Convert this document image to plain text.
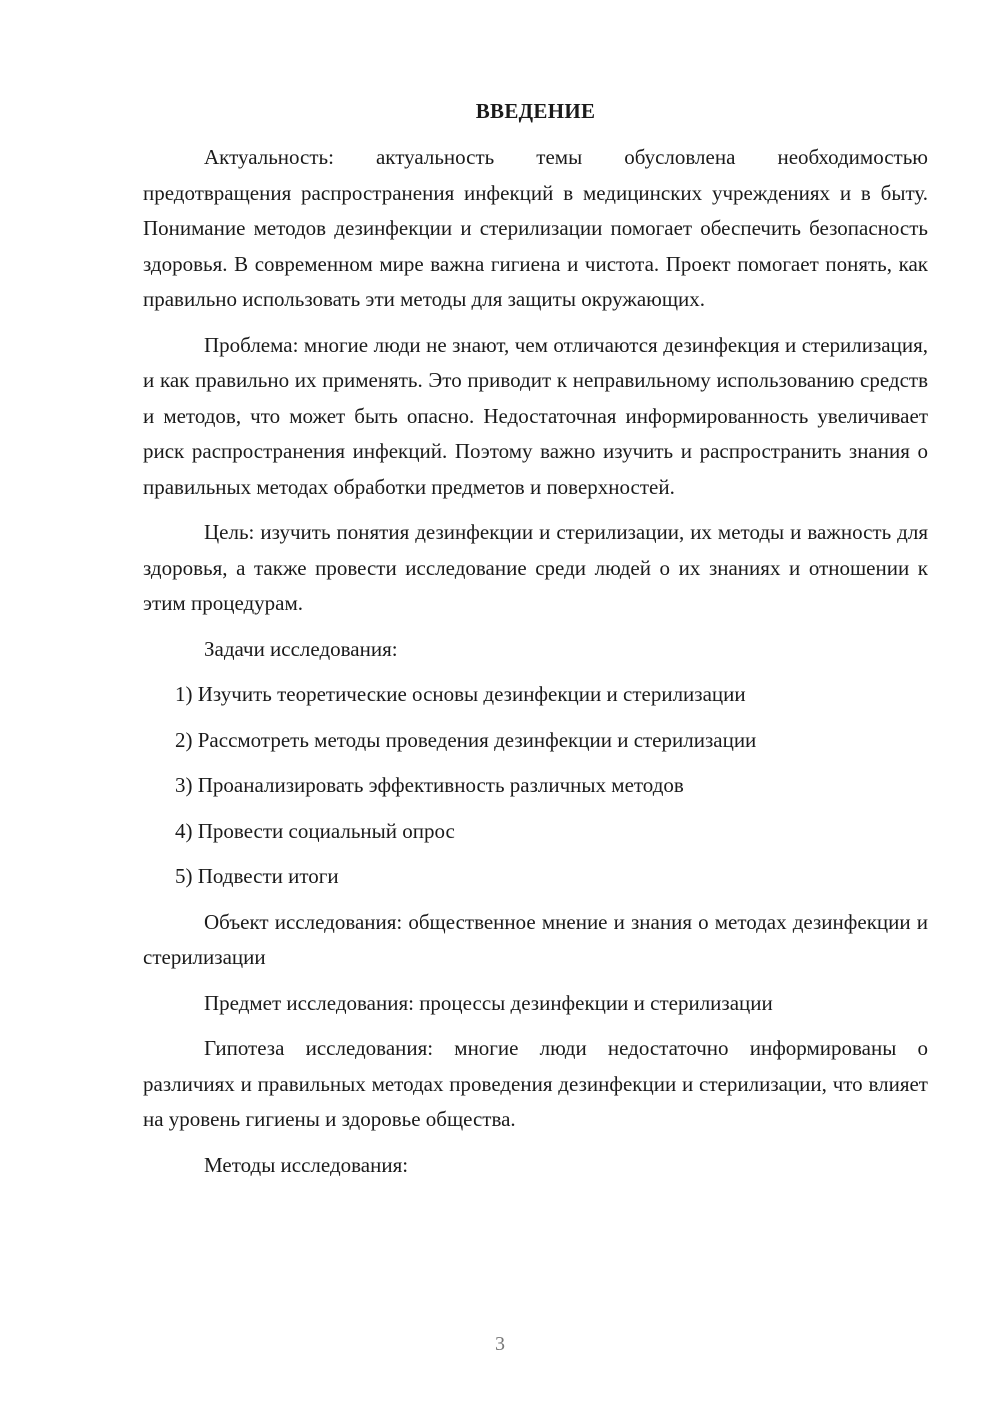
ВВЕДЕНИЕ

Актуальность: актуальность темы обусловлена необходимостью предотвращения распространения инфекций в медицинских учреждениях и в быту. Понимание методов дезинфекции и стерилизации помогает обеспечить безопасность здоровья. В современном мире важна гигиена и чистота. Проект помогает понять, как правильно использовать эти методы для защиты окружающих.

Проблема: многие люди не знают, чем отличаются дезинфекция и стерилизация, и как правильно их применять. Это приводит к неправильному использованию средств и методов, что может быть опасно. Недостаточная информированность увеличивает риск распространения инфекций. Поэтому важно изучить и распространить знания о правильных методах обработки предметов и поверхностей.

Цель: изучить понятия дезинфекции и стерилизации, их методы и важность для здоровья, а также провести исследование среди людей о их знаниях и отношении к этим процедурам.

Задачи исследования:

1) Изучить теоретические основы дезинфекции и стерилизации
2) Рассмотреть методы проведения дезинфекции и стерилизации
3) Проанализировать эффективность различных методов
4) Провести социальный опрос
5) Подвести итоги

Объект исследования: общественное мнение и знания о методах дезинфекции и стерилизации

Предмет исследования: процессы дезинфекции и стерилизации

Гипотеза исследования: многие люди недостаточно информированы о различиях и правильных методах проведения дезинфекции и стерилизации, что влияет на уровень гигиены и здоровье общества.

Методы исследования:

3
